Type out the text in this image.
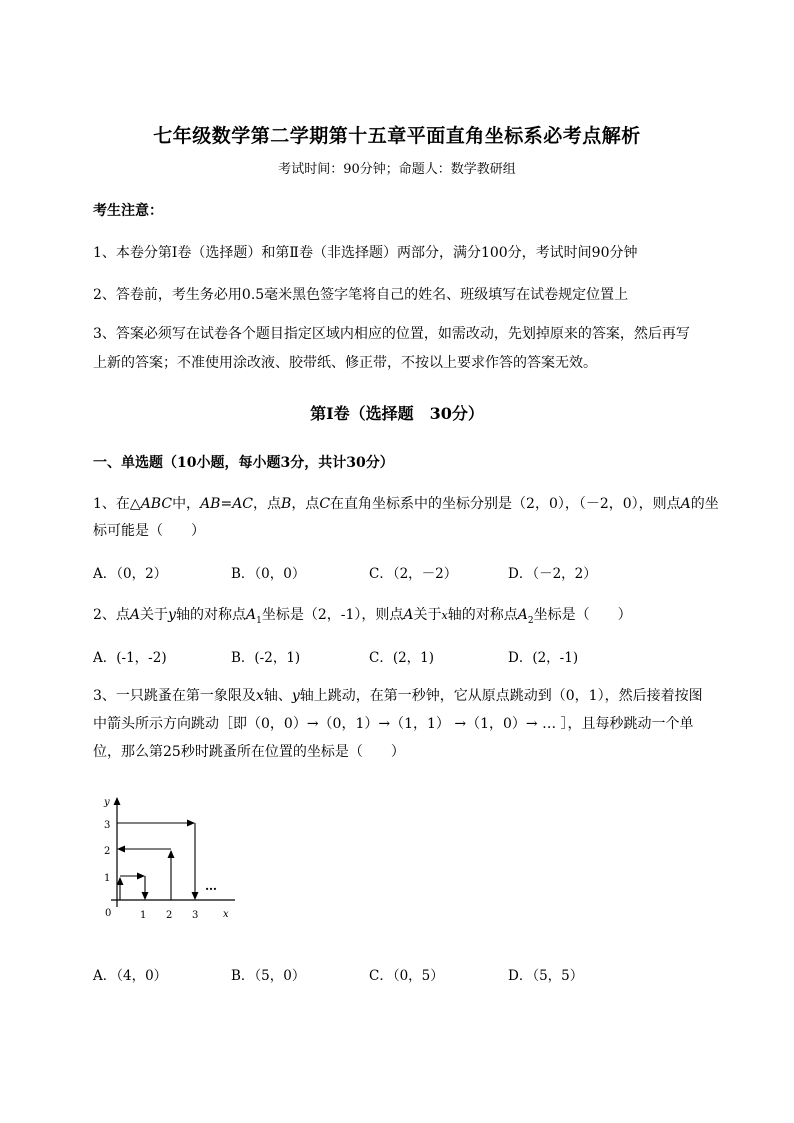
七年级数学第二学期第十五章平面直角坐标系必考点解析
考试时间：90分钟；命题人：数学教研组
考生注意：
1、本卷分第Ⅰ卷（选择题）和第Ⅱ卷（非选择题）两部分，满分100分，考试时间90分钟
2、答卷前，考生务必用0.5毫米黑色签字笔将自己的姓名、班级填写在试卷规定位置上
3、答案必须写在试卷各个题目指定区域内相应的位置，如需改动，先划掉原来的答案，然后再写上新的答案；不准使用涂改液、胶带纸、修正带，不按以上要求作答的答案无效。
第Ⅰ卷（选择题　30分）
一、单选题（10小题，每小题3分，共计30分）
1、在△ABC中，AB=AC，点B，点C在直角坐标系中的坐标分别是（2，0），（－2，0），则点A的坐
标可能是（　　）
A．（0，2）	B．（0，0）	C．（2，－2）	D．（－2，2）
2、点A关于y轴的对称点$A_1$坐标是（2，-1），则点A关于x轴的对称点$A_2$坐标是（　　）
A．(-1，-2)	B．(-2，1)	C．(2，1)	D．(2，-1)
3、一只跳蚤在第一象限及x轴、y轴上跳动，在第一秒钟，它从原点跳动到（0，1），然后接着按图
中箭头所示方向跳动［即（0，0）→（0，1）→（1，1） →（1，0）→ … ］，且每秒跳动一个单
位，那么第25秒时跳蚤所在位置的坐标是（　　）
y
x
0	1 2 3
1
2
3
…
A．（4，0）	B．（5，0）	C．（0，5）	D．（5，5）
